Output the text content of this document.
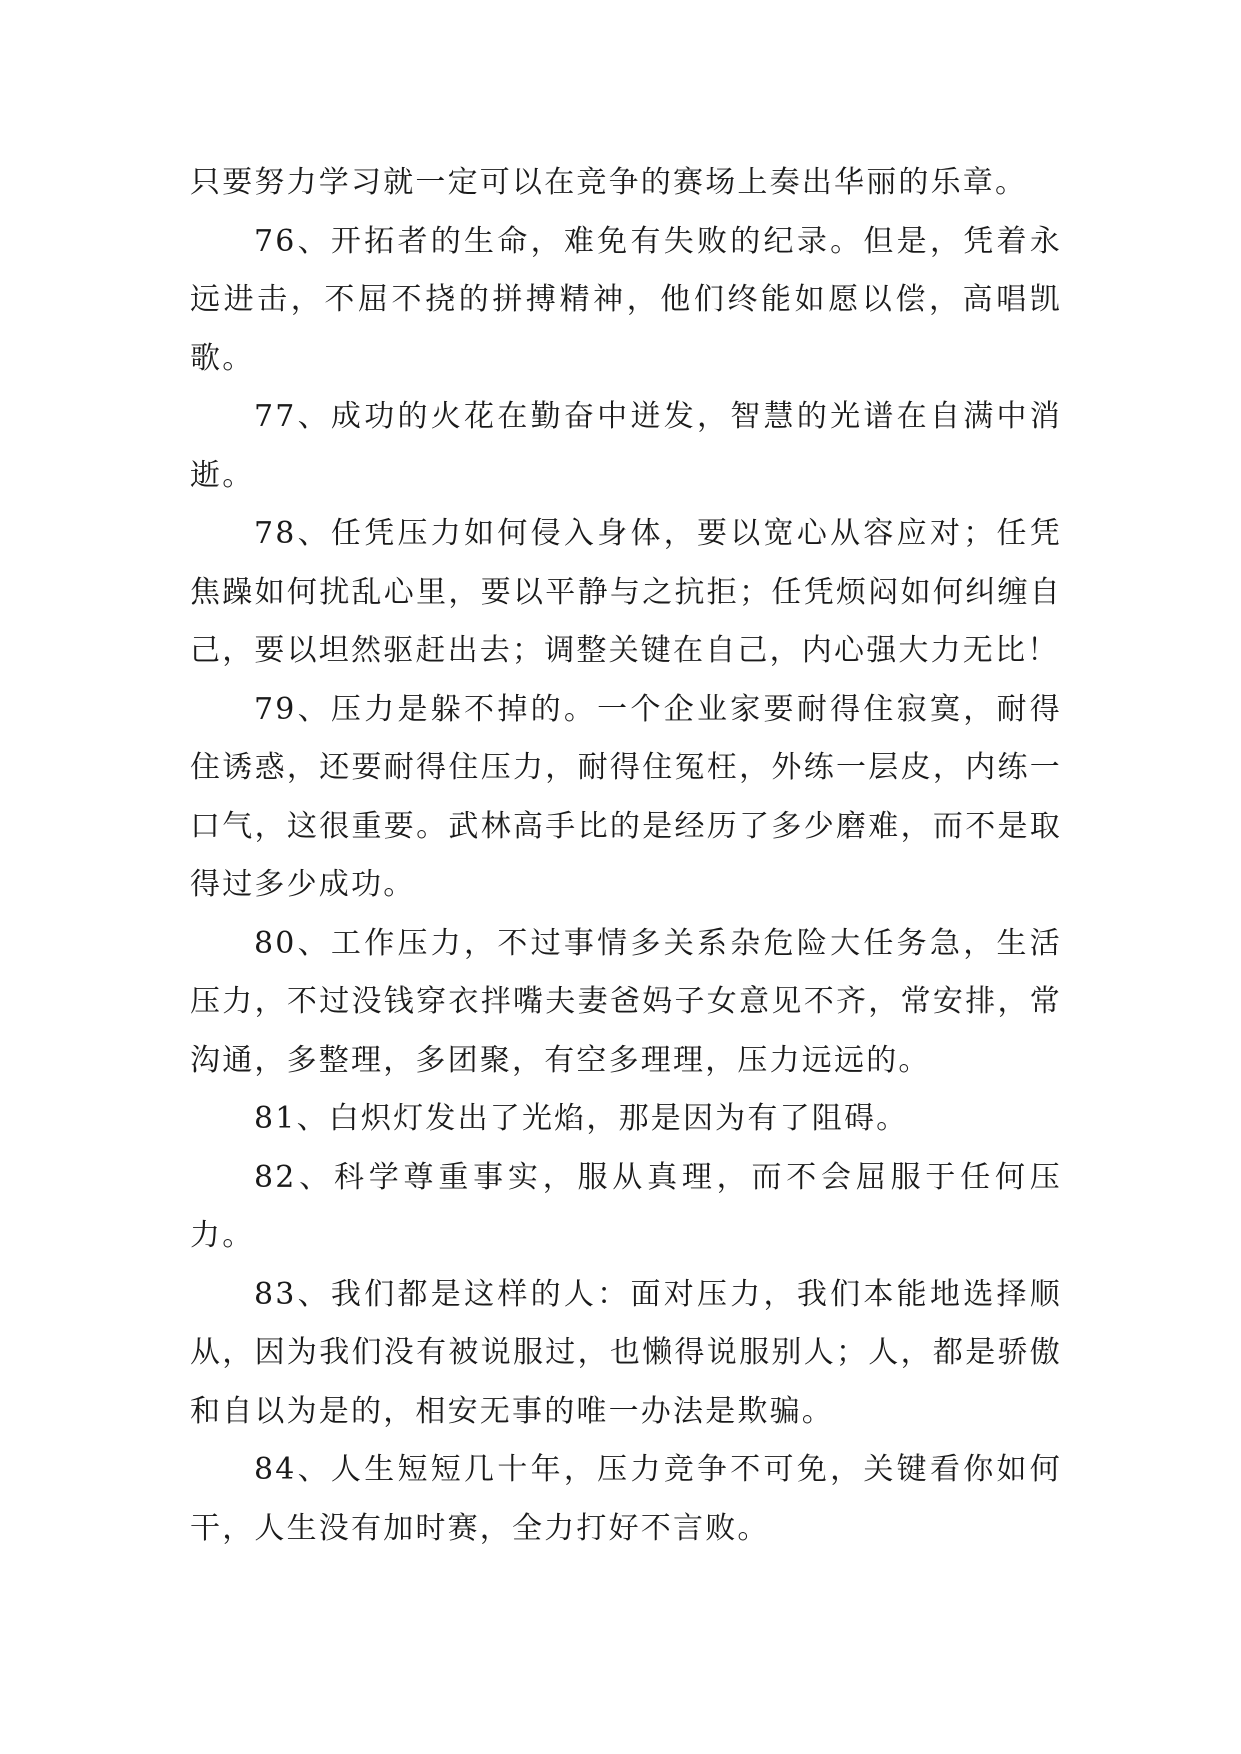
只要努力学习就一定可以在竞争的赛场上奏出华丽的乐章。

76、开拓者的生命，难免有失败的纪录。但是，凭着永远进击，不屈不挠的拼搏精神，他们终能如愿以偿，高唱凯歌。

77、成功的火花在勤奋中迸发，智慧的光谱在自满中消逝。

78、任凭压力如何侵入身体，要以宽心从容应对；任凭焦躁如何扰乱心里，要以平静与之抗拒；任凭烦闷如何纠缠自己，要以坦然驱赶出去；调整关键在自己，内心强大力无比！

79、压力是躲不掉的。一个企业家要耐得住寂寞，耐得住诱惑，还要耐得住压力，耐得住冤枉，外练一层皮，内练一口气，这很重要。武林高手比的是经历了多少磨难，而不是取得过多少成功。

80、工作压力，不过事情多关系杂危险大任务急，生活压力，不过没钱穿衣拌嘴夫妻爸妈子女意见不齐，常安排，常沟通，多整理，多团聚，有空多理理，压力远远的。

81、白炽灯发出了光焰，那是因为有了阻碍。

82、科学尊重事实，服从真理，而不会屈服于任何压力。

83、我们都是这样的人：面对压力，我们本能地选择顺从，因为我们没有被说服过，也懒得说服别人；人，都是骄傲和自以为是的，相安无事的唯一办法是欺骗。

84、人生短短几十年，压力竞争不可免，关键看你如何干，人生没有加时赛，全力打好不言败。
